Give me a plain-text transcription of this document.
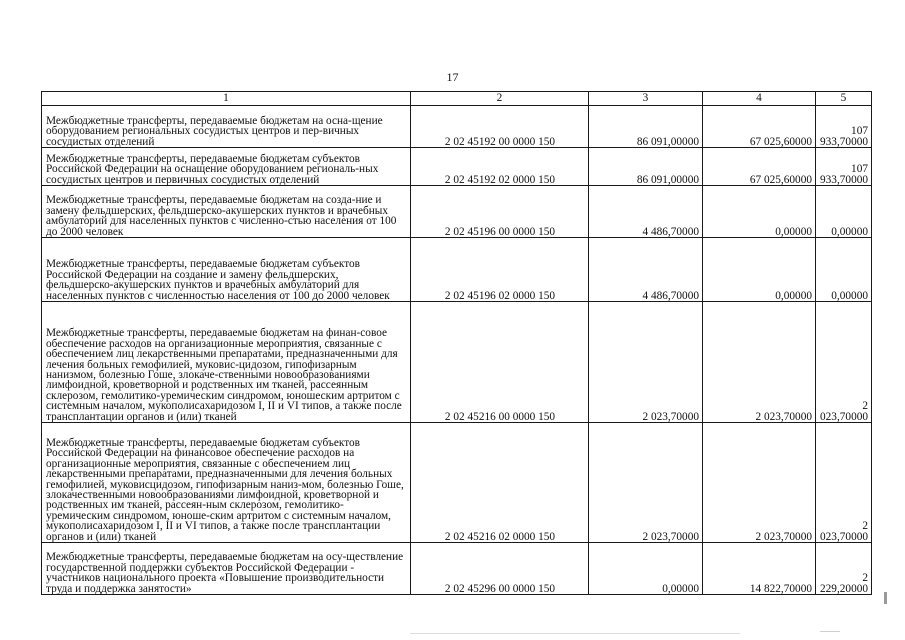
17
1	2	3	4	5
Межбюджетные трансферты, передаваемые бюджетам на осна-щение оборудованием региональных сосудистых центров и пер-вичных сосудистых отделений	2 02 45192 00 0000 150	86 091,00000	67 025,60000	107 933,70000
Межбюджетные трансферты, передаваемые бюджетам субъектов Российской Федерации на оснащение оборудованием региональ-ных сосудистых центров и первичных сосудистых отделений	2 02 45192 02 0000 150	86 091,00000	67 025,60000	107 933,70000
Межбюджетные трансферты, передаваемые бюджетам на созда-ние и замену фельдшерских, фельдшерско-акушерских пунктов и врачебных амбулаторий для населенных пунктов с численно-стью населения от 100 до 2000 человек	2 02 45196 00 0000 150	4 486,70000	0,00000	0,00000
Межбюджетные трансферты, передаваемые бюджетам субъектов Российской Федерации на создание и замену фельдшерских, фельдшерско-акушерских пунктов и врачебных амбулаторий для населенных пунктов с численностью населения от 100 до 2000 человек	2 02 45196 02 0000 150	4 486,70000	0,00000	0,00000
Межбюджетные трансферты, передаваемые бюджетам на финан-совое обеспечение расходов на организационные мероприятия, связанные с обеспечением лиц лекарственными препаратами, предназначенными для лечения больных гемофилией, муковис-цидозом, гипофизарным нанизмом, болезнью Гоше, злокаче-ственными новообразованиями лимфоидной, кроветворной и родственных им тканей, рассеянным склерозом, гемолитико-уремическим синдромом, юношеским артритом с системным началом, мукополисахаридозом I, II и VI типов, а также после трансплантации органов и (или) тканей	2 02 45216 00 0000 150	2 023,70000	2 023,70000	2 023,70000
Межбюджетные трансферты, передаваемые бюджетам субъектов Российской Федерации на финансовое обеспечение расходов на организационные мероприятия, связанные с обеспечением лиц лекарственными препаратами, предназначенными для лечения больных гемофилией, муковисцидозом, гипофизарным нaниз-мом, болезнью Гоше, злокачественными новообразованиями лимфоидной, кроветворной и родственных им тканей, рассеян-ным склерозом, гемолитико-уремическим синдромом, юноше-ским артритом с системным началом, мукополисахаридозом I, II и VI типов, а также после трансплантации органов и (или) тканей	2 02 45216 02 0000 150	2 023,70000	2 023,70000	2 023,70000
Межбюджетные трансферты, передаваемые бюджетам на осу-ществление государственной поддержки субъектов Российской Федерации - участников национального проекта «Повышение производительности труда и поддержка занятости»	2 02 45296 00 0000 150	0,00000	14 822,70000	2 229,20000
